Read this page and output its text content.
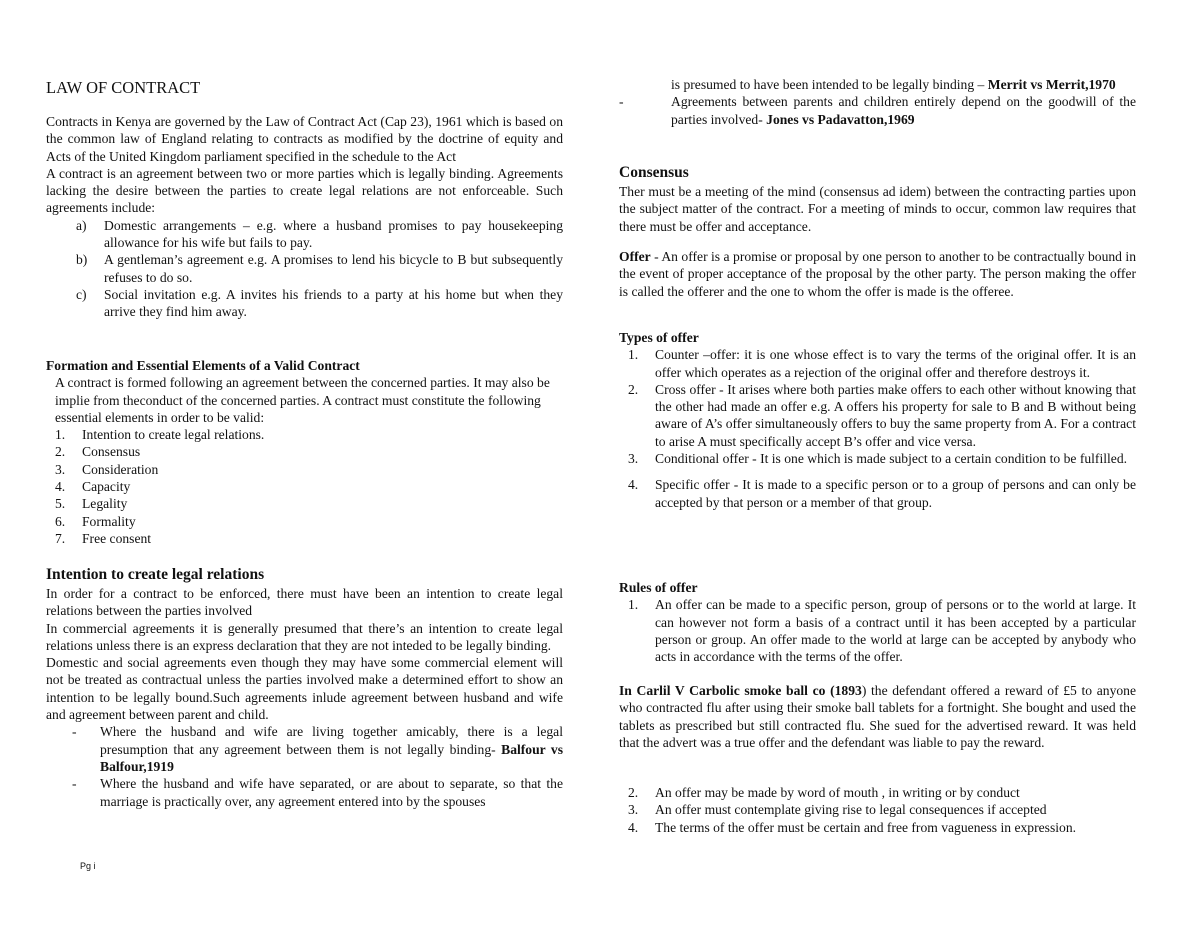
LAW OF CONTRACT

Contracts in Kenya are governed by the Law of Contract Act (Cap 23), 1961 which is based on the common law of England relating to contracts as modified by the doctrine of equity and Acts of the United Kingdom parliament specified in the schedule to the Act

A contract is an agreement between two or more parties which is legally binding. Agreements lacking the desire between the parties to create legal relations are not enforceable. Such agreements include:

a) Domestic arrangements – e.g. where a husband promises to pay housekeeping allowance for his wife but fails to pay.
b) A gentleman’s agreement e.g. A promises to lend his bicycle to B but subsequently refuses to do so.
c) Social invitation e.g. A invites his friends to a party at his home but when they arrive they find him away.

Formation and Essential Elements of a Valid Contract

A contract is formed following an agreement between the concerned parties. It may also be implie from theconduct of the concerned parties. A contract must constitute the following essential elements in order to be valid:

1. Intention to create legal relations.
2. Consensus
3. Consideration
4. Capacity
5. Legality
6. Formality
7. Free consent

Intention to create legal relations

In order for a contract to be enforced, there must have been an intention to create legal relations between the parties involved

In commercial agreements it is generally presumed that there’s an intention to create legal relations unless there is an express declaration that they are not inteded to be legally binding.

Domestic and social agreements even though they may have some commercial element will not be treated as contractual unless the parties involved make a determined effort to show an intention to be legally bound.Such agreements inlude agreement between husband and wife and agreement between parent and child.

- Where the husband and wife are living together amicably, there is a legal presumption that any agreement between them is not legally binding- Balfour vs Balfour,1919
- Where the husband and wife have separated, or are about to separate, so that the marriage is practically over, any agreement entered into by the spouses
Pg i
is presumed to have been intended to be legally binding – Merrit vs Merrit,1970
-	Agreements between parents and children entirely depend on the goodwill of the parties involved- Jones vs Padavatton,1969

Consensus

Ther must be a meeting of the mind (consensus ad idem) between the contracting parties upon the subject matter of the contract. For a meeting of minds to occur, common law requires that there must be offer and acceptance.

Offer - An offer is a promise or proposal by one person to another to be contractually bound in the event of proper acceptance of the proposal by the other party. The person making the offer is called the offerer and the one to whom the offer is made is the offeree.

Types of offer

1. Counter –offer: it is one whose effect is to vary the terms of the original offer. It is an offer which operates as a rejection of the original offer and therefore destroys it.
2. Cross offer - It arises where both parties make offers to each other without knowing that the other had made an offer e.g. A offers his property for sale to B and B without being aware of A’s offer simultaneously offers to buy the same property from A. For a contract to arise A must specifically accept B’s offer and vice versa.
3. Conditional offer - It is one which is made subject to a certain condition to be fulfilled.
4. Specific offer - It is made to a specific person or to a group of persons and can only be accepted by that person or a member of that group.

Rules of offer

1. An offer can be made to a specific person, group of persons or to the world at large. It can however not form a basis of a contract until it has been accepted by a particular person or group. An offer made to the world at large can be accepted by anybody who acts in accordance with the terms of the offer.

In Carlil V Carbolic smoke ball co (1893) the defendant offered a reward of £5 to anyone who contracted flu after using their smoke ball tablets for a fortnight. She bought and used the tablets as prescribed but still contracted flu. She sued for the advertised reward. It was held that the advert was a true offer and the defendant was liable to pay the reward.

2. An offer may be made by word of mouth , in writing or by conduct
3. An offer must contemplate giving rise to legal consequences if accepted
4. The terms of the offer must be certain and free from vagueness in expression.
